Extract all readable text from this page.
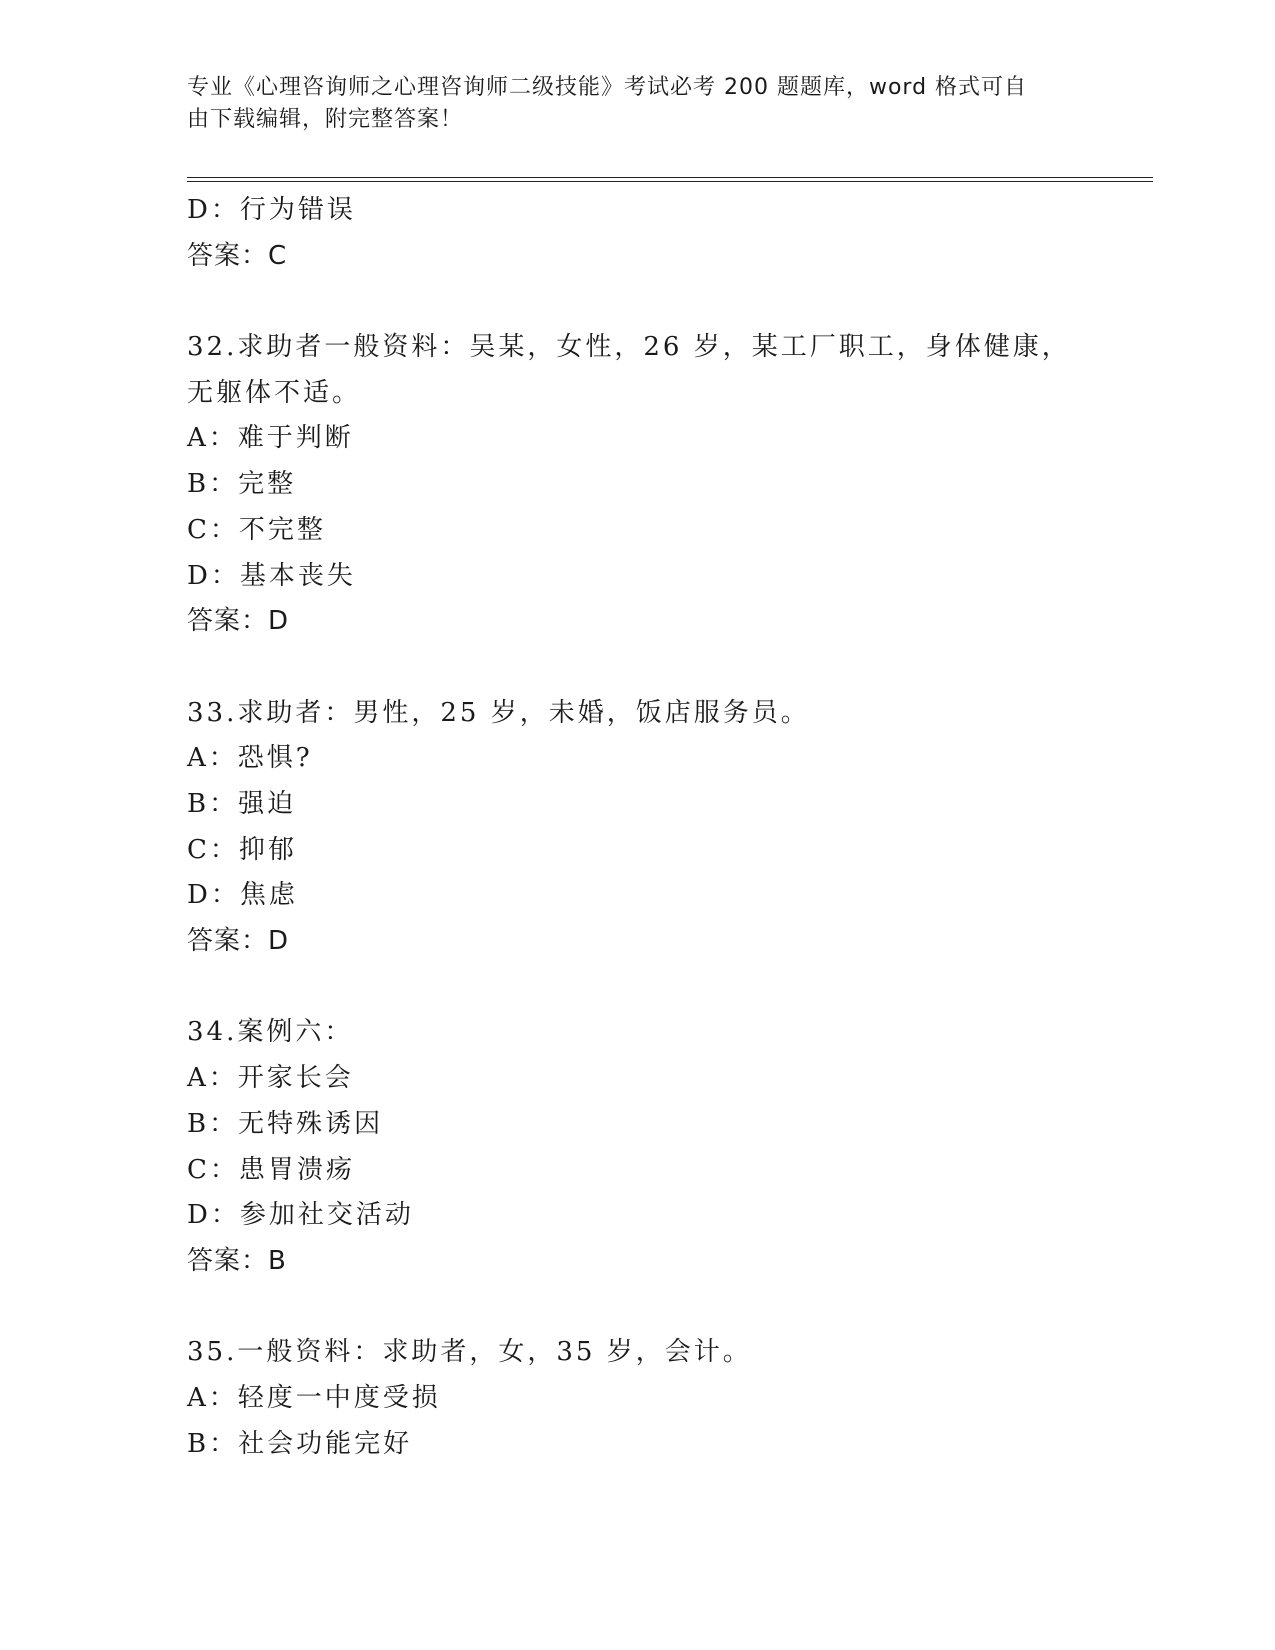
专业《心理咨询师之心理咨询师二级技能》考试必考 200 题题库，word 格式可自
由下载编辑，附完整答案！
D：行为错误
答案：C
32.求助者一般资料：吴某，女性，26 岁，某工厂职工，身体健康，无躯体不适。
A：难于判断
B：完整
C：不完整
D：基本丧失
答案：D
33.求助者：男性，25 岁，未婚，饭店服务员。
A：恐惧?
B：强迫
C：抑郁
D：焦虑
答案：D
34.案例六：
A：开家长会
B：无特殊诱因
C：患胃溃疡
D：参加社交活动
答案：B
35.一般资料：求助者，女，35 岁，会计。
A：轻度一中度受损
B：社会功能完好
